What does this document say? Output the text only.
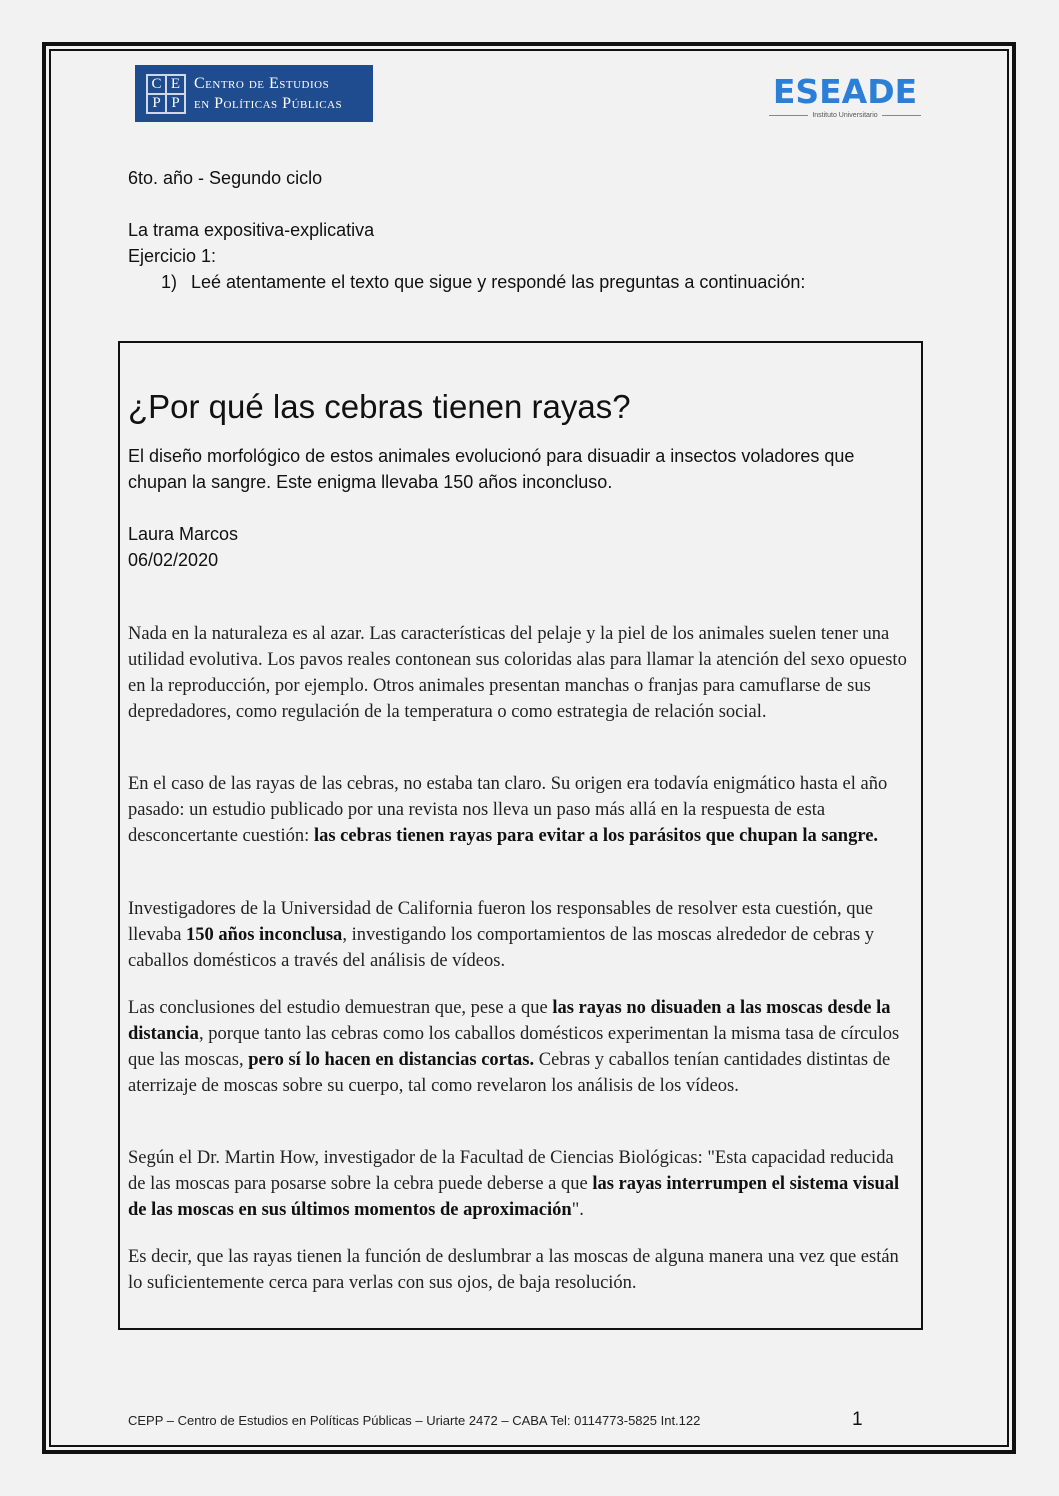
C E
P P
Centro de Estudios
en Políticas Públicas	ESEADE
Instituto Universitario
6to. año - Segundo ciclo
La trama expositiva-explicativa
Ejercicio 1:
1) Leé atentamente el texto que sigue y respondé las preguntas a continuación:
¿Por qué las cebras tienen rayas?
El diseño morfológico de estos animales evolucionó para disuadir a insectos voladores que chupan la sangre. Este enigma llevaba 150 años inconcluso.
Laura Marcos
06/02/2020
Nada en la naturaleza es al azar. Las características del pelaje y la piel de los animales suelen tener una utilidad evolutiva. Los pavos reales contonean sus coloridas alas para llamar la atención del sexo opuesto en la reproducción, por ejemplo. Otros animales presentan manchas o franjas para camuflarse de sus depredadores, como regulación de la temperatura o como estrategia de relación social.
En el caso de las rayas de las cebras, no estaba tan claro. Su origen era todavía enigmático hasta el año pasado: un estudio publicado por una revista nos lleva un paso más allá en la respuesta de esta desconcertante cuestión: las cebras tienen rayas para evitar a los parásitos que chupan la sangre.
Investigadores de la Universidad de California fueron los responsables de resolver esta cuestión, que llevaba 150 años inconclusa, investigando los comportamientos de las moscas alrededor de cebras y caballos domésticos a través del análisis de vídeos.
Las conclusiones del estudio demuestran que, pese a que las rayas no disuaden a las moscas desde la distancia, porque tanto las cebras como los caballos domésticos experimentan la misma tasa de círculos que las moscas, pero sí lo hacen en distancias cortas. Cebras y caballos tenían cantidades distintas de aterrizaje de moscas sobre su cuerpo, tal como revelaron los análisis de los vídeos.
Según el Dr. Martin How, investigador de la Facultad de Ciencias Biológicas: "Esta capacidad reducida de las moscas para posarse sobre la cebra puede deberse a que las rayas interrumpen el sistema visual de las moscas en sus últimos momentos de aproximación".
Es decir, que las rayas tienen la función de deslumbrar a las moscas de alguna manera una vez que están lo suficientemente cerca para verlas con sus ojos, de baja resolución.
CEPP – Centro de Estudios en Políticas Públicas – Uriarte 2472 – CABA Tel: 0114773-5825 Int.122	1
